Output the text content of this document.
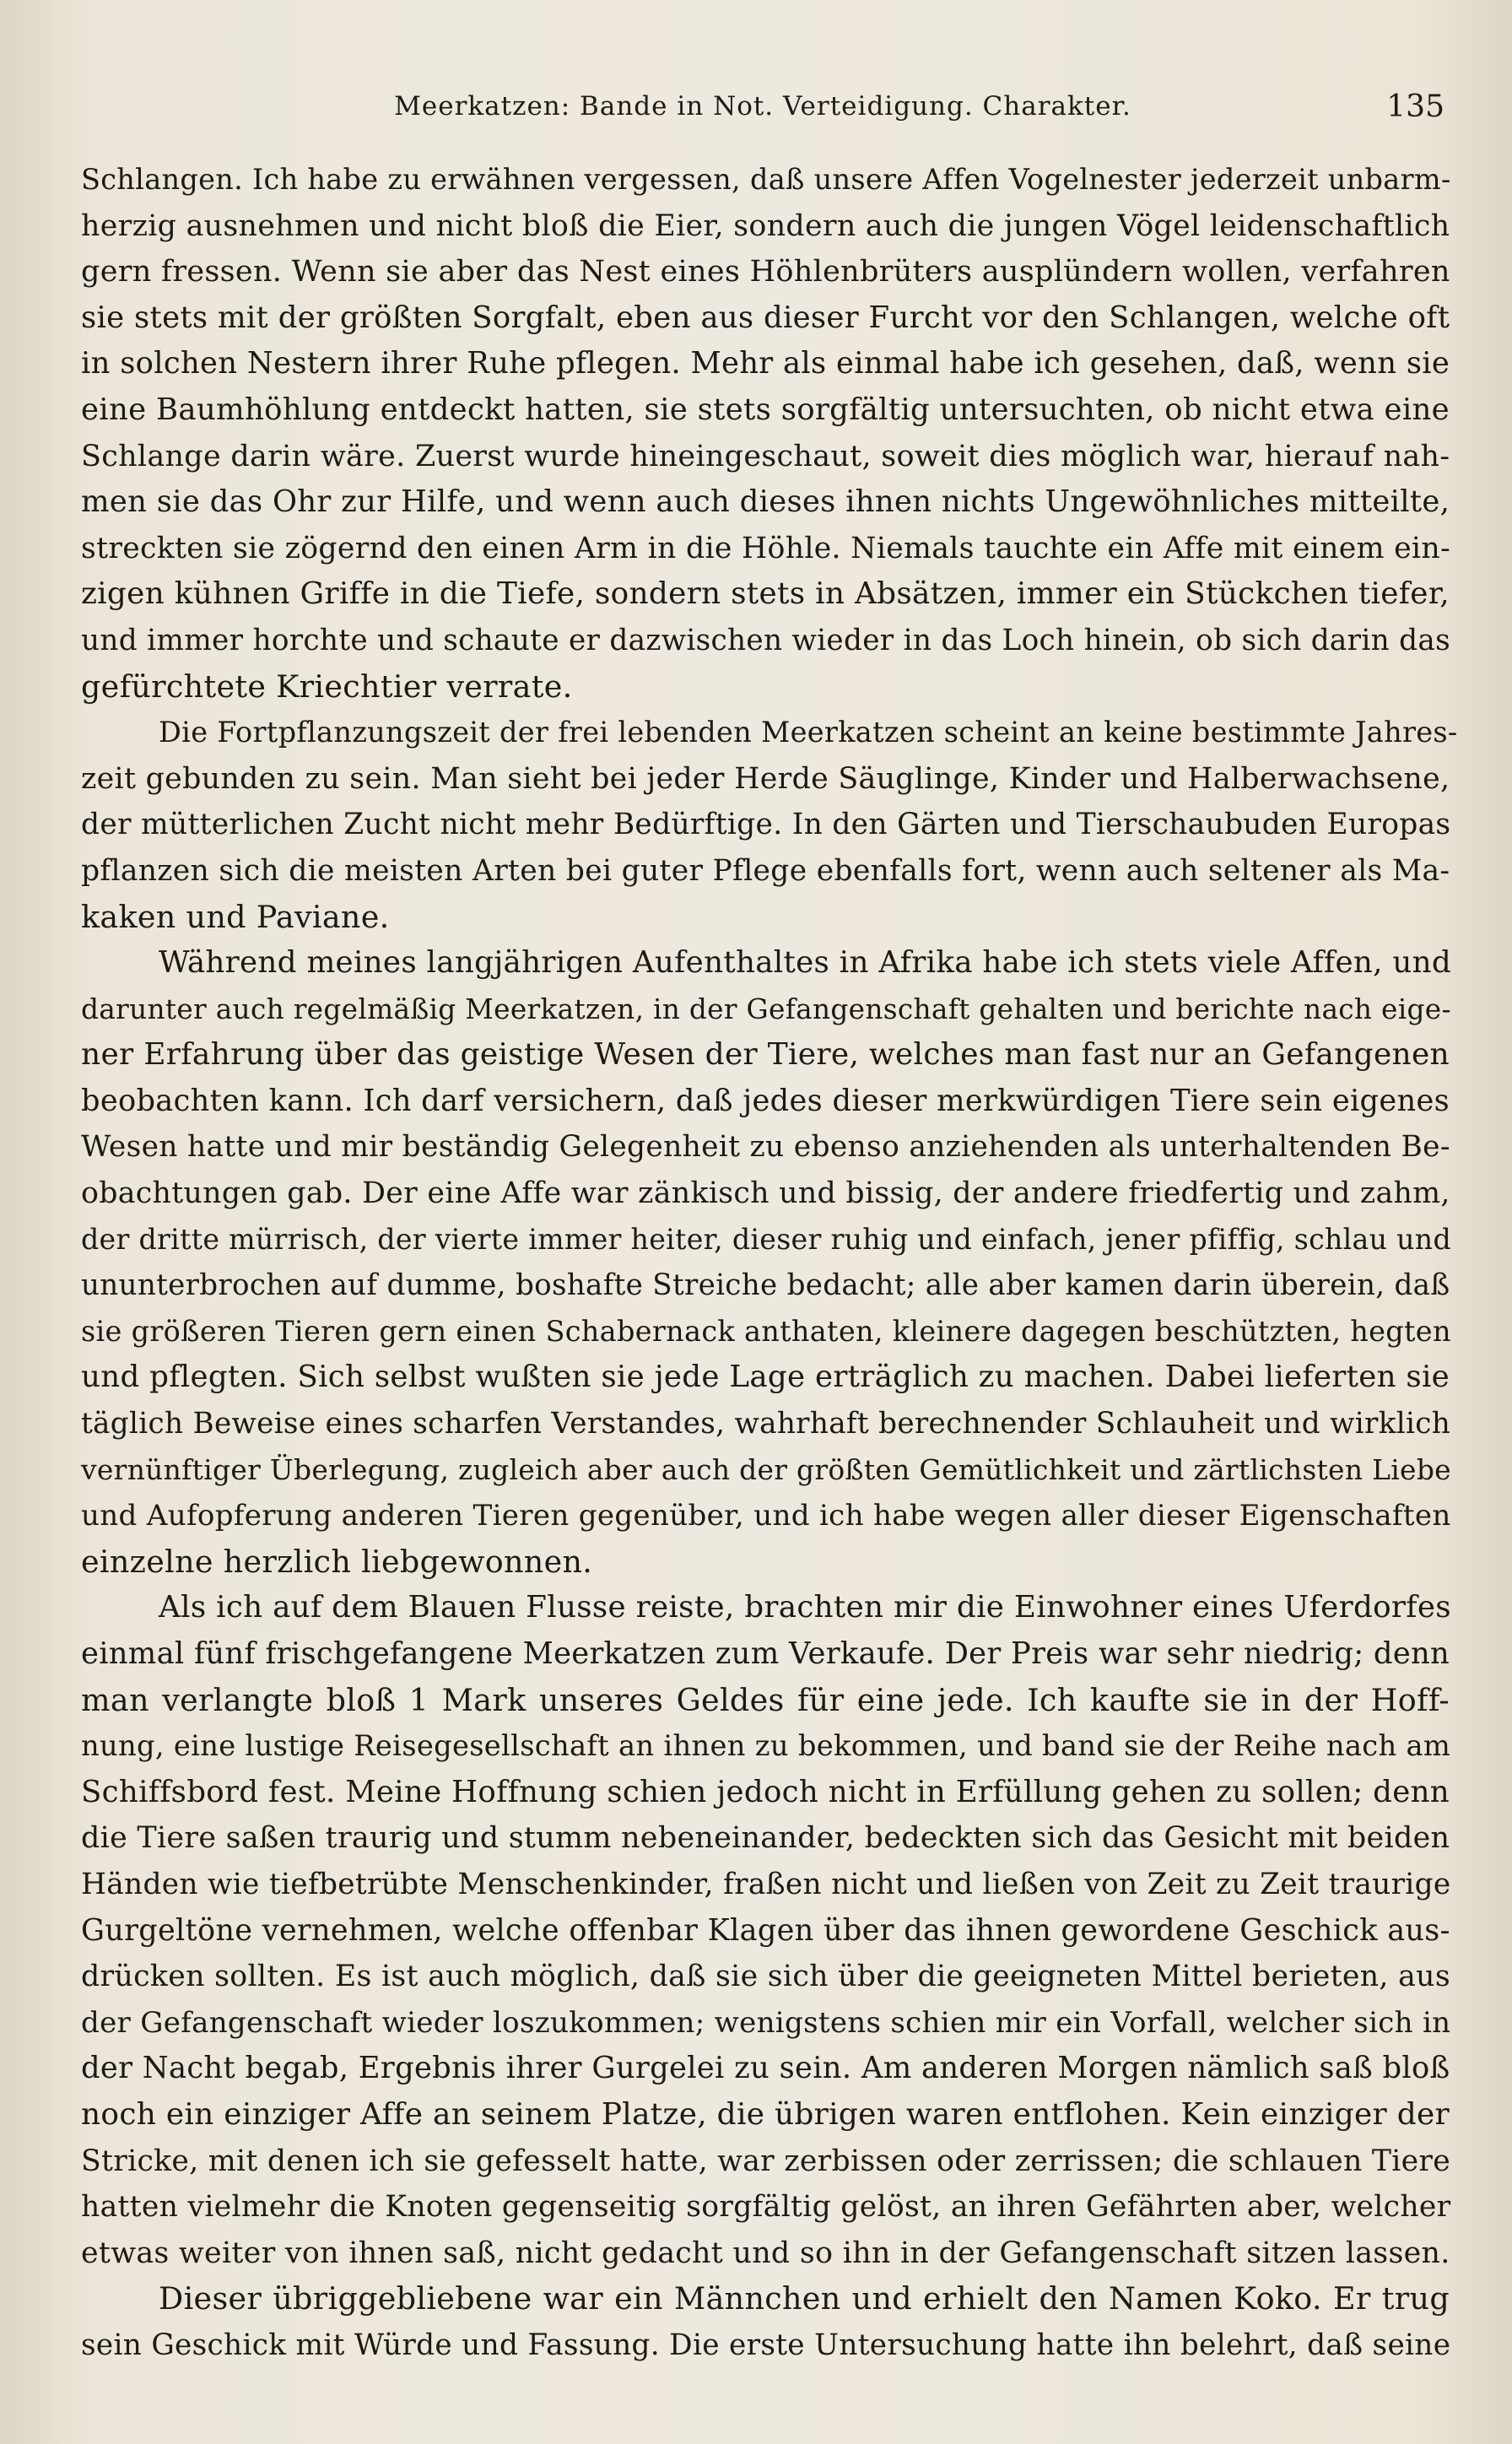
Meerkatzen: Bande in Not. Verteidigung. Charakter.	135
Schlangen. Ich habe zu erwähnen vergessen, daß unsere Affen Vogelnester jederzeit unbarm-
herzig ausnehmen und nicht bloß die Eier, sondern auch die jungen Vögel leidenschaftlich
gern fressen. Wenn sie aber das Nest eines Höhlenbrüters ausplündern wollen, verfahren
sie stets mit der größten Sorgfalt, eben aus dieser Furcht vor den Schlangen, welche oft
in solchen Nestern ihrer Ruhe pflegen. Mehr als einmal habe ich gesehen, daß, wenn sie
eine Baumhöhlung entdeckt hatten, sie stets sorgfältig untersuchten, ob nicht etwa eine
Schlange darin wäre. Zuerst wurde hineingeschaut, soweit dies möglich war, hierauf nah-
men sie das Ohr zur Hilfe, und wenn auch dieses ihnen nichts Ungewöhnliches mitteilte,
streckten sie zögernd den einen Arm in die Höhle. Niemals tauchte ein Affe mit einem ein-
zigen kühnen Griffe in die Tiefe, sondern stets in Absätzen, immer ein Stückchen tiefer,
und immer horchte und schaute er dazwischen wieder in das Loch hinein, ob sich darin das
gefürchtete Kriechtier verrate.
Die Fortpflanzungszeit der frei lebenden Meerkatzen scheint an keine bestimmte Jahres-
zeit gebunden zu sein. Man sieht bei jeder Herde Säuglinge, Kinder und Halberwachsene,
der mütterlichen Zucht nicht mehr Bedürftige. In den Gärten und Tierschaubuden Europas
pflanzen sich die meisten Arten bei guter Pflege ebenfalls fort, wenn auch seltener als Ma-
kaken und Paviane.
Während meines langjährigen Aufenthaltes in Afrika habe ich stets viele Affen, und
darunter auch regelmäßig Meerkatzen, in der Gefangenschaft gehalten und berichte nach eige-
ner Erfahrung über das geistige Wesen der Tiere, welches man fast nur an Gefangenen
beobachten kann. Ich darf versichern, daß jedes dieser merkwürdigen Tiere sein eigenes
Wesen hatte und mir beständig Gelegenheit zu ebenso anziehenden als unterhaltenden Be-
obachtungen gab. Der eine Affe war zänkisch und bissig, der andere friedfertig und zahm,
der dritte mürrisch, der vierte immer heiter, dieser ruhig und einfach, jener pfiffig, schlau und
ununterbrochen auf dumme, boshafte Streiche bedacht; alle aber kamen darin überein, daß
sie größeren Tieren gern einen Schabernack anthaten, kleinere dagegen beschützten, hegten
und pflegten. Sich selbst wußten sie jede Lage erträglich zu machen. Dabei lieferten sie
täglich Beweise eines scharfen Verstandes, wahrhaft berechnender Schlauheit und wirklich
vernünftiger Überlegung, zugleich aber auch der größten Gemütlichkeit und zärtlichsten Liebe
und Aufopferung anderen Tieren gegenüber, und ich habe wegen aller dieser Eigenschaften
einzelne herzlich liebgewonnen.
Als ich auf dem Blauen Flusse reiste, brachten mir die Einwohner eines Uferdorfes
einmal fünf frischgefangene Meerkatzen zum Verkaufe. Der Preis war sehr niedrig; denn
man verlangte bloß 1 Mark unseres Geldes für eine jede. Ich kaufte sie in der Hoff-
nung, eine lustige Reisegesellschaft an ihnen zu bekommen, und band sie der Reihe nach am
Schiffsbord fest. Meine Hoffnung schien jedoch nicht in Erfüllung gehen zu sollen; denn
die Tiere saßen traurig und stumm nebeneinander, bedeckten sich das Gesicht mit beiden
Händen wie tiefbetrübte Menschenkinder, fraßen nicht und ließen von Zeit zu Zeit traurige
Gurgeltöne vernehmen, welche offenbar Klagen über das ihnen gewordene Geschick aus-
drücken sollten. Es ist auch möglich, daß sie sich über die geeigneten Mittel berieten, aus
der Gefangenschaft wieder loszukommen; wenigstens schien mir ein Vorfall, welcher sich in
der Nacht begab, Ergebnis ihrer Gurgelei zu sein. Am anderen Morgen nämlich saß bloß
noch ein einziger Affe an seinem Platze, die übrigen waren entflohen. Kein einziger der
Stricke, mit denen ich sie gefesselt hatte, war zerbissen oder zerrissen; die schlauen Tiere
hatten vielmehr die Knoten gegenseitig sorgfältig gelöst, an ihren Gefährten aber, welcher
etwas weiter von ihnen saß, nicht gedacht und so ihn in der Gefangenschaft sitzen lassen.
Dieser übriggebliebene war ein Männchen und erhielt den Namen Koko. Er trug
sein Geschick mit Würde und Fassung. Die erste Untersuchung hatte ihn belehrt, daß seine
